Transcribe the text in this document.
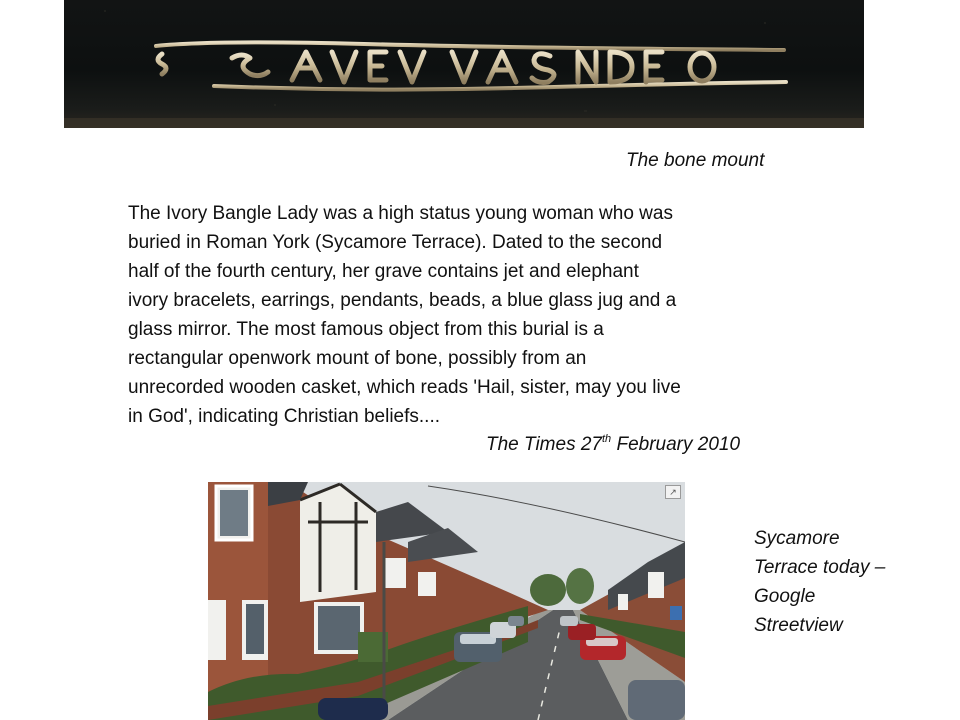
The bone mount
The Ivory Bangle Lady was a high status young woman who was
buried in Roman York (Sycamore Terrace). Dated to the second
half of the fourth century, her grave contains jet and elephant
ivory bracelets, earrings, pendants, beads, a blue glass jug and a
glass mirror. The most famous object from this burial is a
rectangular openwork mount of bone, possibly from an
unrecorded wooden casket, which reads 'Hail, sister, may you live
in God', indicating Christian beliefs....
The Times 27th February 2010
↗
Sycamore
Terrace today –
Google
Streetview
